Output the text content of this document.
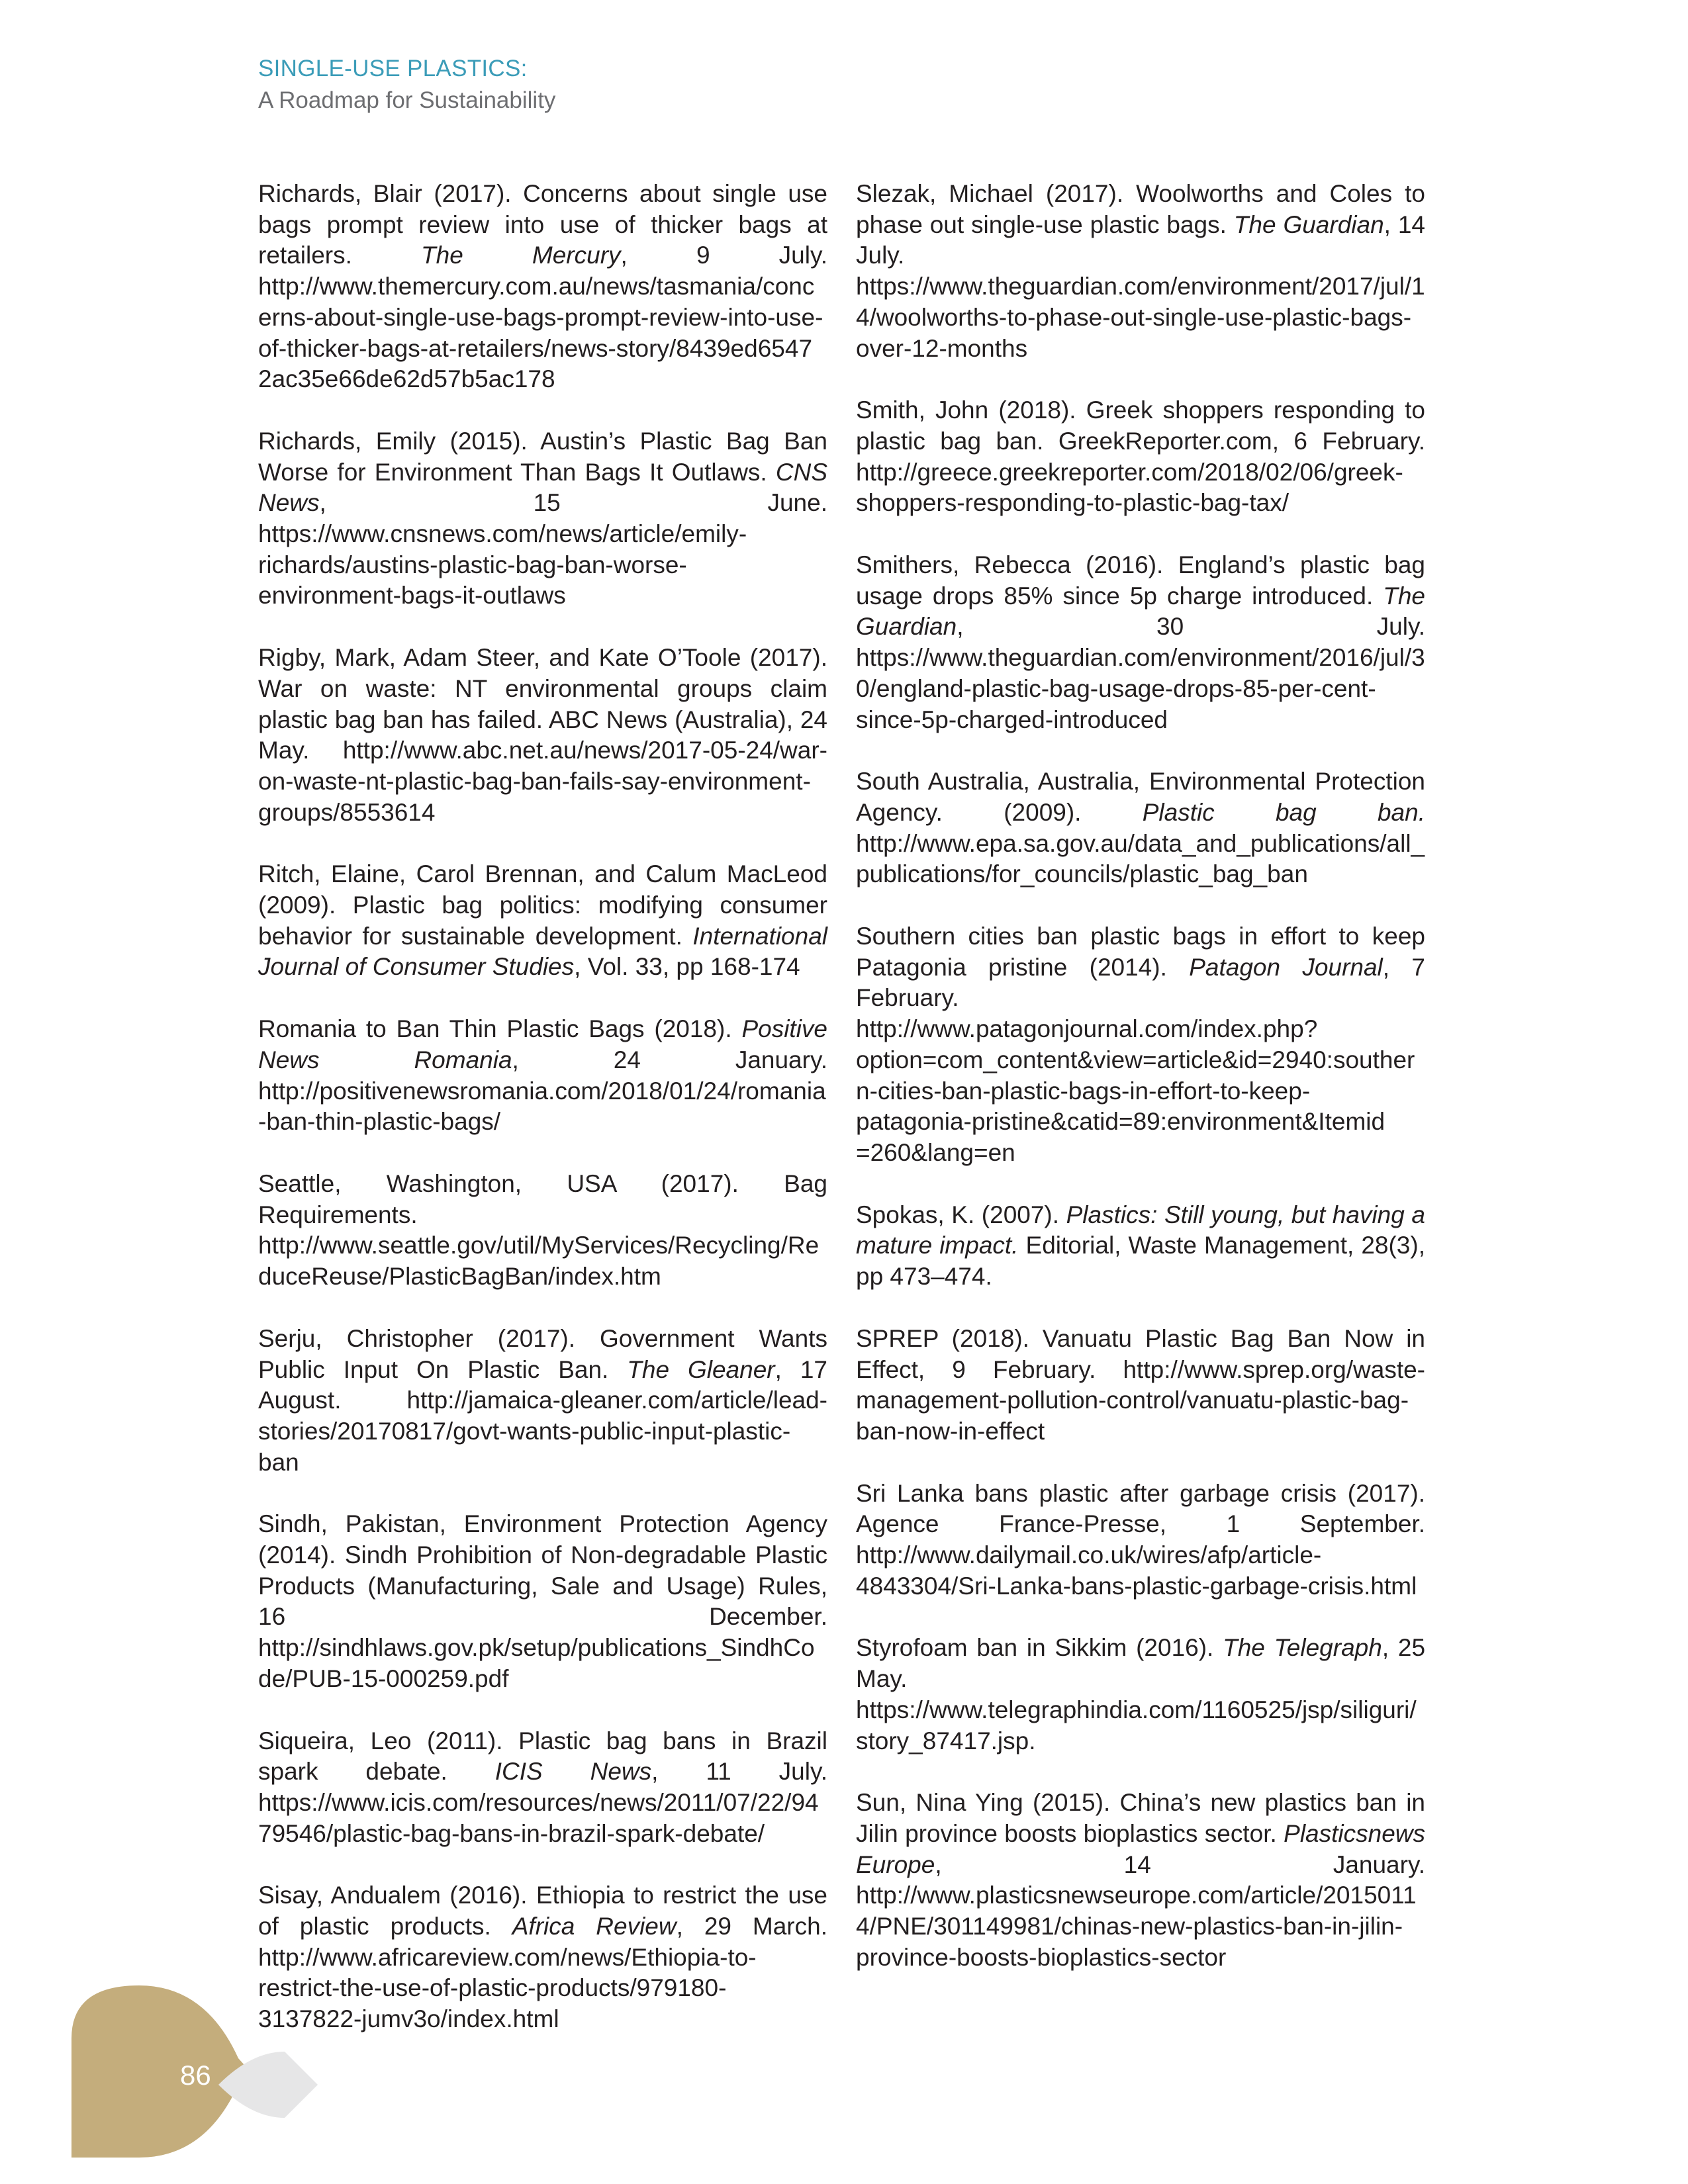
SINGLE-USE PLASTICS:
A Roadmap for Sustainability

Richards, Blair (2017). Concerns about single use bags prompt review into use of thicker bags at retailers. The Mercury, 9 July. http://www.themercury.com.au/news/tasmania/concerns-about-single-use-bags-prompt-review-into-use-of-thicker-bags-at-retailers/news-story/8439ed6547 2ac35e66de62d57b5ac178

Richards, Emily (2015). Austin’s Plastic Bag Ban Worse for Environment Than Bags It Outlaws. CNS News, 15 June. https://www.cnsnews.com/news/article/emily-richards/austins-plastic-bag-ban-worse-environment-bags-it-outlaws

Rigby, Mark, Adam Steer, and Kate O’Toole (2017). War on waste: NT environmental groups claim plastic bag ban has failed. ABC News (Australia), 24 May. http://www.abc.net.au/news/2017-05-24/war-on-waste-nt-plastic-bag-ban-fails-say-environment-groups/8553614

Ritch, Elaine, Carol Brennan, and Calum MacLeod (2009). Plastic bag politics: modifying consumer behavior for sustainable development. International Journal of Consumer Studies, Vol. 33, pp 168-174

Romania to Ban Thin Plastic Bags (2018). Positive News Romania, 24 January. http://positivenewsromania.com/2018/01/24/romania-ban-thin-plastic-bags/

Seattle, Washington, USA (2017). Bag Requirements. http://www.seattle.gov/util/MyServices/Recycling/ReduceReuse/PlasticBagBan/index.htm

Serju, Christopher (2017). Government Wants Public Input On Plastic Ban. The Gleaner, 17 August. http://jamaica-gleaner.com/article/lead-stories/20170817/govt-wants-public-input-plastic-ban

Sindh, Pakistan, Environment Protection Agency (2014). Sindh Prohibition of Non-degradable Plastic Products (Manufacturing, Sale and Usage) Rules, 16 December. http://sindhlaws.gov.pk/setup/publications_SindhCode/PUB-15-000259.pdf

Siqueira, Leo (2011). Plastic bag bans in Brazil spark debate. ICIS News, 11 July. https://www.icis.com/resources/news/2011/07/22/9479546/plastic-bag-bans-in-brazil-spark-debate/

Sisay, Andualem (2016). Ethiopia to restrict the use of plastic products. Africa Review, 29 March. http://www.africareview.com/news/Ethiopia-to-restrict-the-use-of-plastic-products/979180-3137822-jumv3o/index.html

Slezak, Michael (2017). Woolworths and Coles to phase out single-use plastic bags. The Guardian, 14 July. https://www.theguardian.com/environment/2017/jul/14/woolworths-to-phase-out-single-use-plastic-bags-over-12-months

Smith, John (2018). Greek shoppers responding to plastic bag ban. GreekReporter.com, 6 February. http://greece.greekreporter.com/2018/02/06/greek-shoppers-responding-to-plastic-bag-tax/

Smithers, Rebecca (2016). England’s plastic bag usage drops 85% since 5p charge introduced. The Guardian, 30 July. https://www.theguardian.com/environment/2016/jul/30/england-plastic-bag-usage-drops-85-per-cent-since-5p-charged-introduced

South Australia, Australia, Environmental Protection Agency. (2009). Plastic bag ban. http://www.epa.sa.gov.au/data_and_publications/all_publications/for_councils/plastic_bag_ban

Southern cities ban plastic bags in effort to keep Patagonia pristine (2014). Patagon Journal, 7 February. http://www.patagonjournal.com/index.php?option=com_content&view=article&id=2940:southern-cities-ban-plastic-bags-in-effort-to-keep-patagonia-pristine&catid=89:environment&Itemid =260&lang=en

Spokas, K. (2007). Plastics: Still young, but having a mature impact. Editorial, Waste Management, 28(3), pp 473–474.

SPREP (2018). Vanuatu Plastic Bag Ban Now in Effect, 9 February. http://www.sprep.org/waste-management-pollution-control/vanuatu-plastic-bag-ban-now-in-effect

Sri Lanka bans plastic after garbage crisis (2017). Agence France-Presse, 1 September. http://www.dailymail.co.uk/wires/afp/article-4843304/Sri-Lanka-bans-plastic-garbage-crisis.html

Styrofoam ban in Sikkim (2016). The Telegraph, 25 May. https://www.telegraphindia.com/1160525/jsp/siliguri/story_87417.jsp.

Sun, Nina Ying (2015). China’s new plastics ban in Jilin province boosts bioplastics sector. Plasticsnews Europe, 14 January. http://www.plasticsnewseurope.com/article/20150114/PNE/301149981/chinas-new-plastics-ban-in-jilin-province-boosts-bioplastics-sector

86
